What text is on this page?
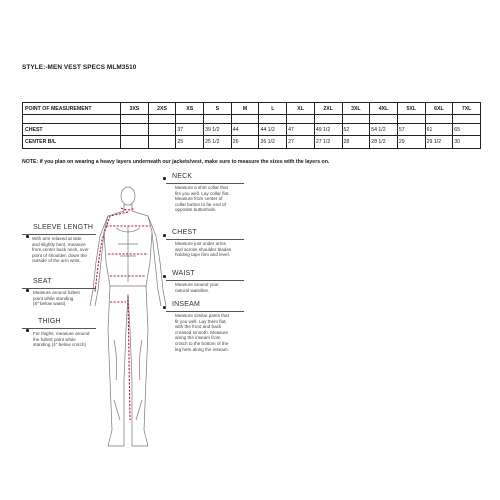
STYLE:-MEN VEST SPECS MLM3510
POINT OF MEASUREMENT	3XS	2XS	XS	S	M	L	XL	2XL	3XL	4XL	5XL	6XL	7XL	

CHEST			37	39 1/2	44	44 1/2	47	49 1/2	52	54 1/2	57	61	65	
CENTER B/L			25	25 1/2	26	26 1/2	27	27 1/2	28	28 1/2	29	29 1/2	30	
NOTE: if you plan on wearing a heavy layers underneath our jackets/vest, make sure to measure the sizes with the layers on.
NECK
Measure a shirt collar that
fits you well. Lay collar flat.
Measure from center of
collar button to far end of
opposite buttonhole.
CHEST
Measure just under arms
and across shoulder blades
holding tape firm and level.
WAIST
Measure around your
natural waistline.
INSEAM
Measure similar pants that
fit you well. Lay them flat,
with the front and back
creased smooth. Measure
along the inseam from
crotch to the bottom of the
leg hem along the inseam.
SLEEVE LENGTH
With arm relaxed at side
and slightly bent, measure
from center back neck, over
point of shoulder, down the
outside of the arm wrist.
SEAT
Measure around fullest
point while standing.
(8" below waist).
THIGH
For thighs, measure around
the fullest point while
standing (4" below crotch)
